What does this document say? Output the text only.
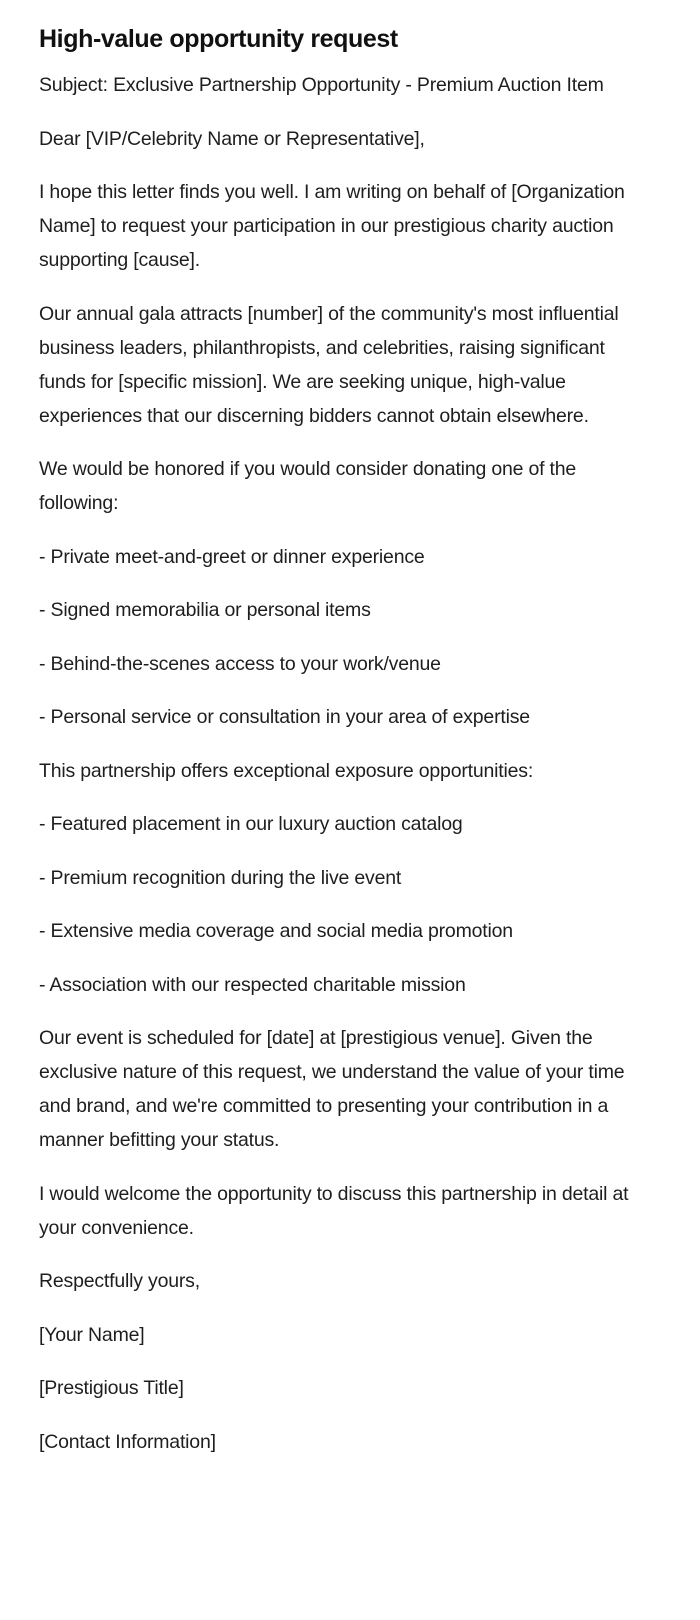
High-value opportunity request

Subject: Exclusive Partnership Opportunity - Premium Auction Item

Dear [VIP/Celebrity Name or Representative],

I hope this letter finds you well. I am writing on behalf of [Organization Name] to request your participation in our prestigious charity auction supporting [cause].

Our annual gala attracts [number] of the community's most influential business leaders, philanthropists, and celebrities, raising significant funds for [specific mission]. We are seeking unique, high-value experiences that our discerning bidders cannot obtain elsewhere.

We would be honored if you would consider donating one of the following:

- Private meet-and-greet or dinner experience

- Signed memorabilia or personal items

- Behind-the-scenes access to your work/venue

- Personal service or consultation in your area of expertise

This partnership offers exceptional exposure opportunities:

- Featured placement in our luxury auction catalog

- Premium recognition during the live event

- Extensive media coverage and social media promotion

- Association with our respected charitable mission

Our event is scheduled for [date] at [prestigious venue]. Given the exclusive nature of this request, we understand the value of your time and brand, and we're committed to presenting your contribution in a manner befitting your status.

I would welcome the opportunity to discuss this partnership in detail at your convenience.

Respectfully yours,

[Your Name]

[Prestigious Title]

[Contact Information]
